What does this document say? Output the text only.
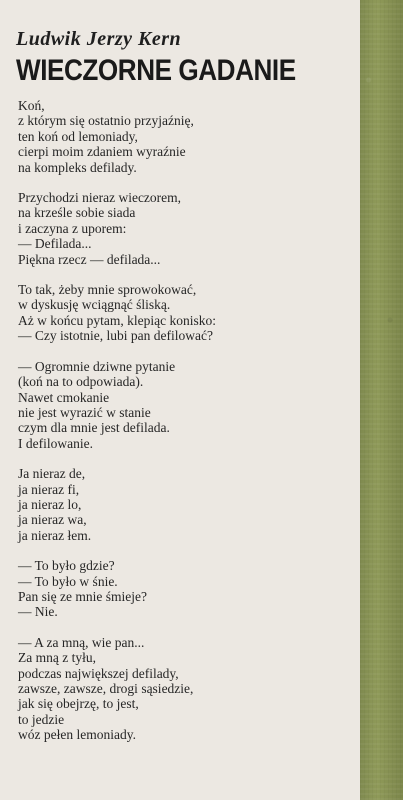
Ludwik Jerzy Kern
WIECZORNE GADANIE
Koń,
z którym się ostatnio przyjaźnię,
ten koń od lemoniady,
cierpi moim zdaniem wyraźnie
na kompleks defilady.
Przychodzi nieraz wieczorem,
na krześle sobie siada
i zaczyna z uporem:
— Defilada...
Piękna rzecz — defilada...
To tak, żeby mnie sprowokować,
w dyskusję wciągnąć śliską.
Aż w końcu pytam, klepiąc konisko:
— Czy istotnie, lubi pan defilować?
— Ogromnie dziwne pytanie
(koń na to odpowiada).
Nawet cmokanie
nie jest wyrazić w stanie
czym dla mnie jest defilada.
I defilowanie.
Ja nieraz de,
ja nieraz fi,
ja nieraz lo,
ja nieraz wa,
ja nieraz łem.
— To było gdzie?
— To było w śnie.
Pan się ze mnie śmieje?
— Nie.
— A za mną, wie pan...
Za mną z tyłu,
podczas największej defilady,
zawsze, zawsze, drogi sąsiedzie,
jak się obejrzę, to jest,
to jedzie
wóz pełen lemoniady.
